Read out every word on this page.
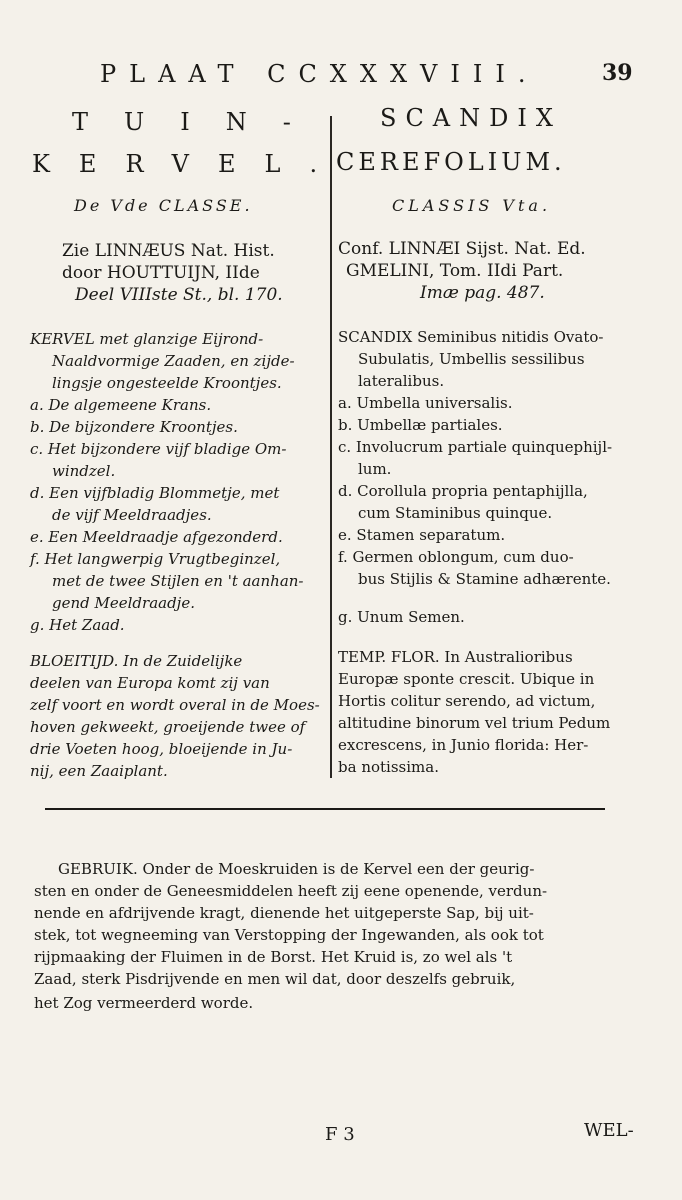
PLAAT CCXXXVIII.	39
TUIN-
KERVEL.
De Vde CLASSE.
SCANDIX
CEREFOLIUM.
CLASSIS Vta.
Zie LINNÆUS Nat. Hist.
door HOUTTUIJN, IIde
Deel VIIIste St., bl. 170.
Conf. LINNÆI Sijst. Nat. Ed.
GMELINI, Tom. IIdi Part.
Imæ pag. 487.
KERVEL met glanzige Eijrond-
Naaldvormige Zaaden, en zijde-
lingsje ongesteelde Kroontjes.
a. De algemeene Krans.
b. De bijzondere Kroontjes.
c. Het bijzondere vijf bladige Om-
windzel.
d. Een vijfbladig Blommetje, met
de vijf Meeldraadjes.
e. Een Meeldraadje afgezonderd.
f. Het langwerpig Vrugtbeginzel,
met de twee Stijlen en 't aanhan-
gend Meeldraadje.
g. Het Zaad.
SCANDIX Seminibus nitidis Ovato-
Subulatis, Umbellis sessilibus
lateralibus.
a. Umbella universalis.
b. Umbellæ partiales.
c. Involucrum partiale quinquephijl-
lum.
d. Corollula propria pentaphijlla,
cum Staminibus quinque.
e. Stamen separatum.
f. Germen oblongum, cum duo-
bus Stijlis & Stamine adhærente.
g. Unum Semen.
BLOEITIJD. In de Zuidelijke
deelen van Europa komt zij van
zelf voort en wordt overal in de Moes-
hoven gekweekt, groeijende twee of
drie Voeten hoog, bloeijende in Ju-
nij, een Zaaiplant.
TEMP. FLOR. In Australioribus
Europæ sponte crescit. Ubique in
Hortis colitur serendo, ad victum,
altitudine binorum vel trium Pedum
excrescens, in Junio florida: Her-
ba notissima.
GEBRUIK. Onder de Moeskruiden is de Kervel een der geurig-
sten en onder de Geneesmiddelen heeft zij eene openende, verdun-
nende en afdrijvende kragt, dienende het uitgeperste Sap, bij uit-
stek, tot wegneeming van Verstopping der Ingewanden, als ook tot
rijpmaaking der Fluimen in de Borst. Het Kruid is, zo wel als 't
Zaad, sterk Pisdrijvende en men wil dat, door deszelfs gebruik,
het Zog vermeerderd worde.
F 3	WEL-
